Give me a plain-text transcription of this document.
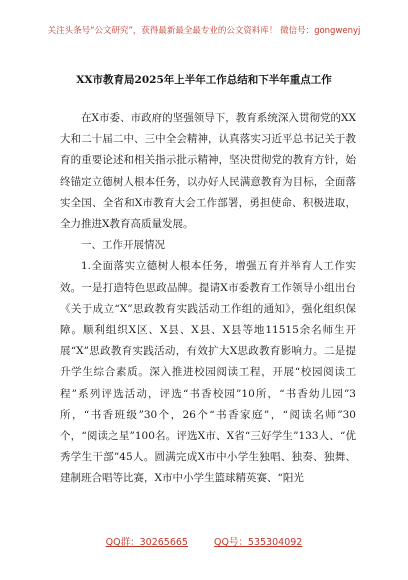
关注头条号“公文研究”，获得最新最全最专业的公文资料库！ 微信号：gongwenyj
XX市教育局2025年上半年工作总结和下半年重点工作

在X市委、市政府的坚强领导下，教育系统深入贯彻党的XX大和二十届二中、三中全会精神，认真落实习近平总书记关于教育的重要论述和相关指示批示精神，坚决贯彻党的教育方针，始终锚定立德树人根本任务，以办好人民满意教育为目标，全面落实全国、全省和X市教育大会工作部署，勇担使命、积极进取，全力推进X教育高质量发展。

一、工作开展情况

1.全面落实立德树人根本任务，增强五育并举育人工作实效。一是打造特色思政品牌。提请X市委教育工作领导小组出台《关于成立“X”思政教育实践活动工作组的通知》，强化组织保障。顺利组织X区、X县、X县、X县等地11515余名师生开展“X”思政教育实践活动，有效扩大X思政教育影响力。二是提升学生综合素质。深入推进校园阅读工程，开展“校园阅读工程”系列评选活动，评选“书香校园”10所，“书香幼儿园”3所，“书香班级”30个，26个“书香家庭”，“阅读名师”30个，“阅读之星”100名。评选X市、X省“三好学生”133人、“优秀学生干部”45人。圆满完成X市中小学生独唱、独奏、独舞、建制班合唱等比赛，X市中小学生篮球精英赛、“阳光

QQ群：30265665	QQ号：535304092
